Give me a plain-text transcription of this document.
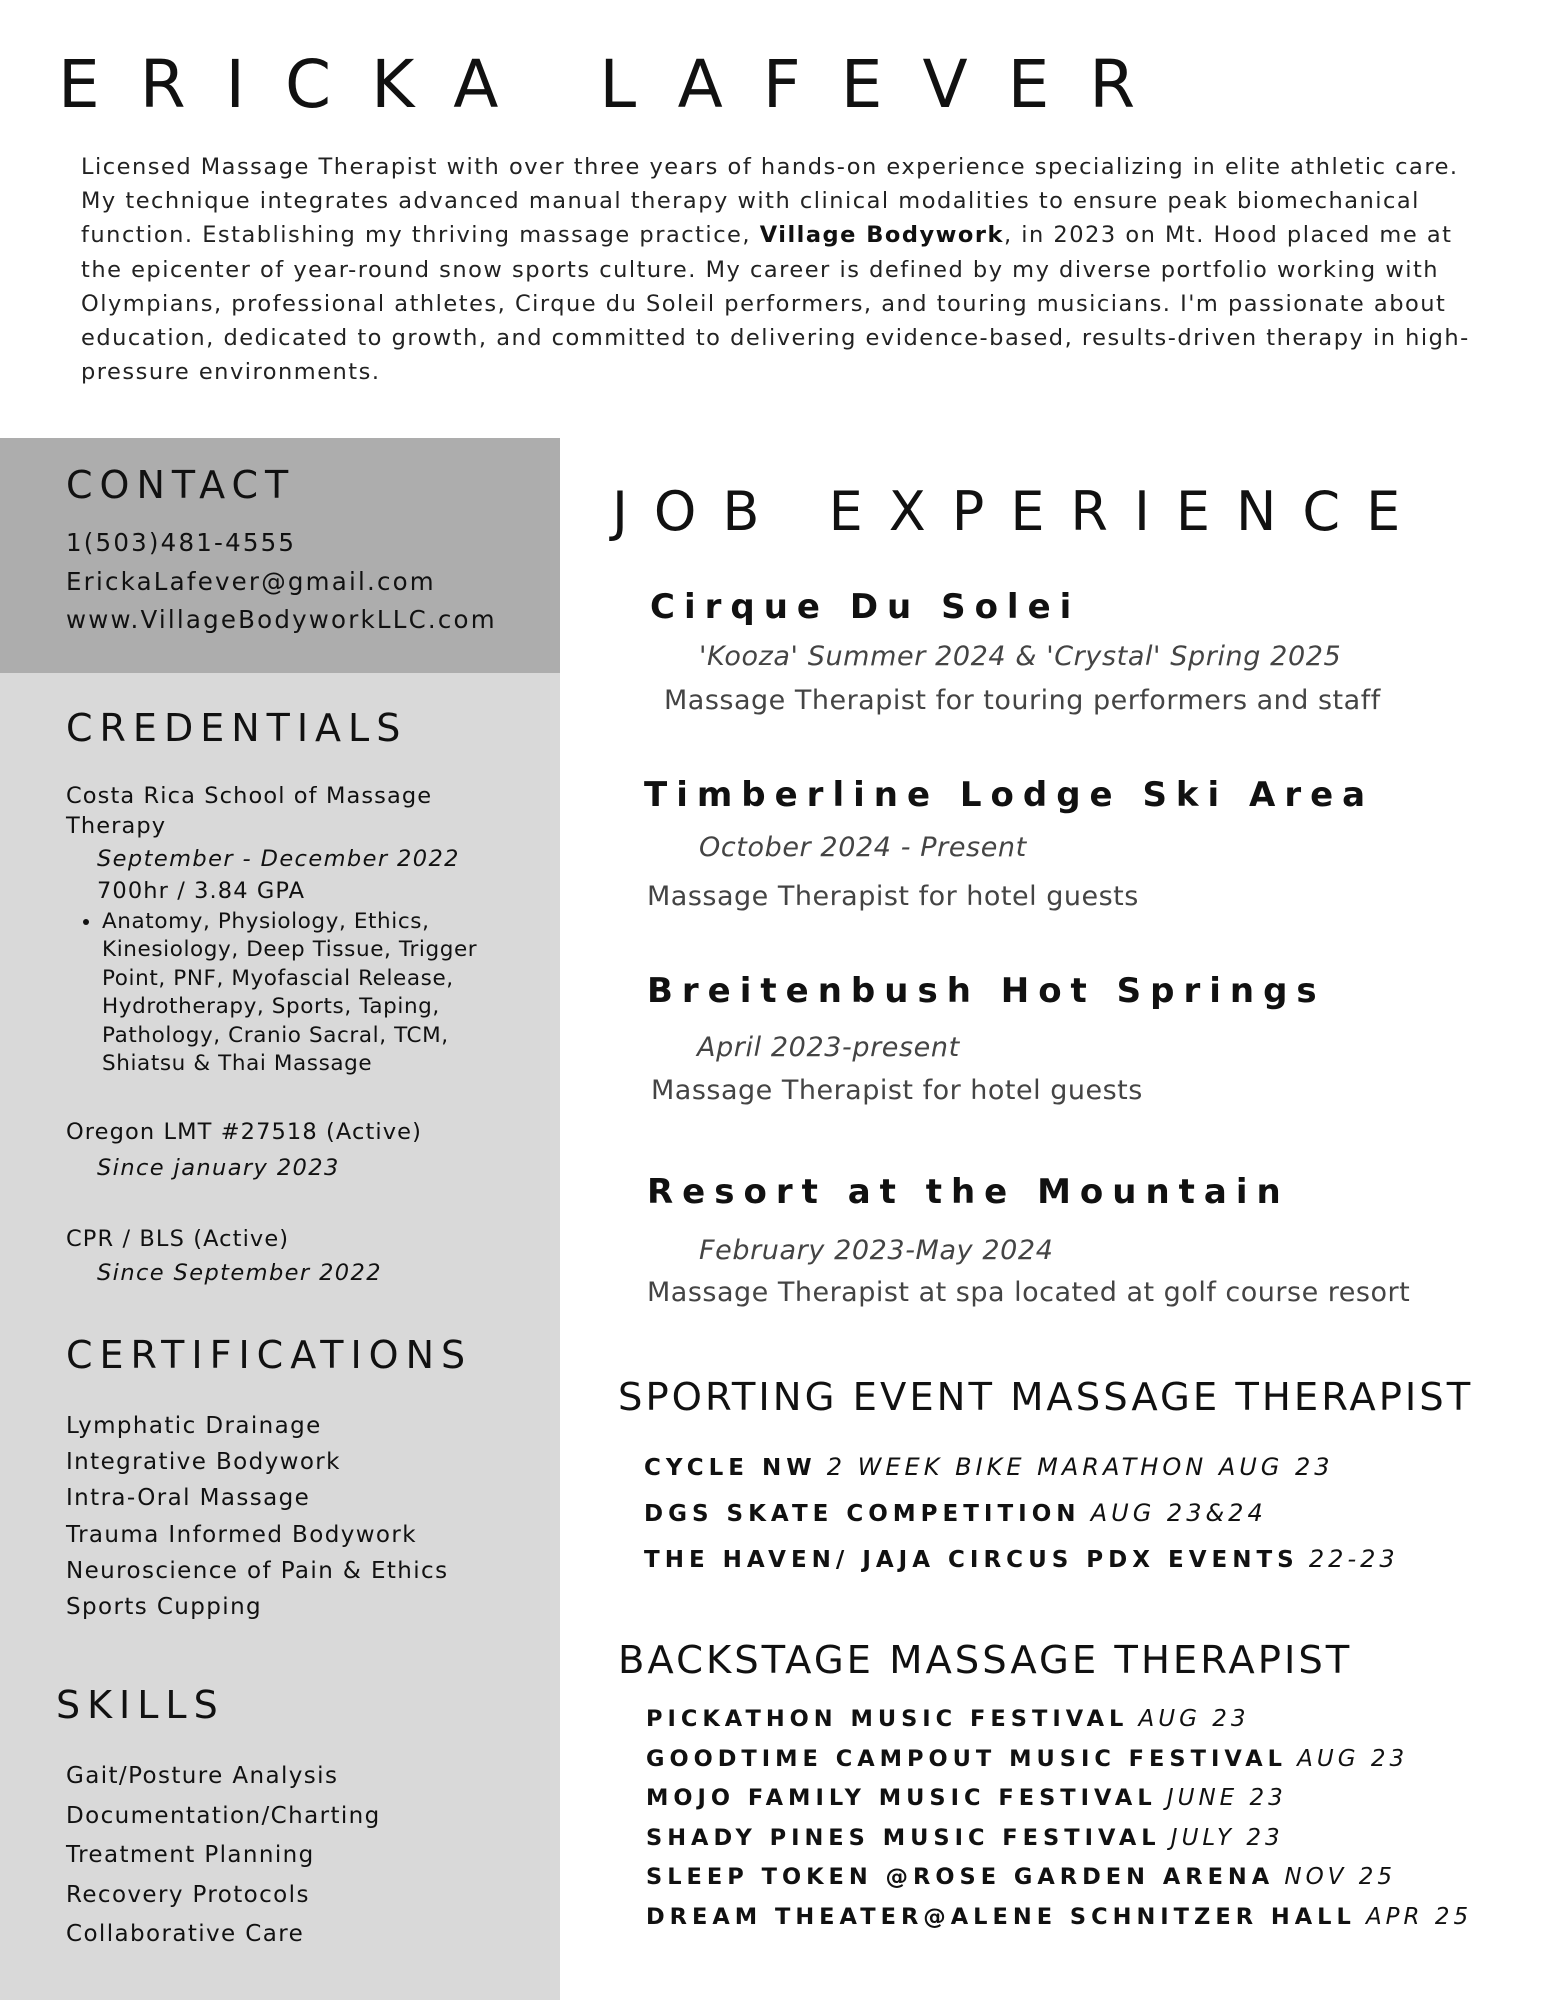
ERICKA LAFEVER

Licensed Massage Therapist with over three years of hands-on experience specializing in elite athletic care. My technique integrates advanced manual therapy with clinical modalities to ensure peak biomechanical function. Establishing my thriving massage practice, Village Bodywork, in 2023 on Mt. Hood placed me at the epicenter of year-round snow sports culture. My career is defined by my diverse portfolio working with Olympians, professional athletes, Cirque du Soleil performers, and touring musicians. I'm passionate about education, dedicated to growth, and committed to delivering evidence-based, results-driven therapy in high-pressure environments.

CONTACT
1(503)481-4555
ErickaLafever@gmail.com
www.VillageBodyworkLLC.com
CREDENTIALS
Costa Rica School of Massage
Therapy
September - December 2022
700hr / 3.84 GPA
• Anatomy, Physiology, Ethics, Kinesiology, Deep Tissue, Trigger Point, PNF, Myofascial Release, Hydrotherapy, Sports, Taping, Pathology, Cranio Sacral, TCM, Shiatsu & Thai Massage
Oregon LMT #27518 (Active)
Since january 2023
CPR / BLS (Active)
Since September 2022
CERTIFICATIONS
Lymphatic Drainage
Integrative Bodywork
Intra-Oral Massage
Trauma Informed Bodywork
Neuroscience of Pain & Ethics
Sports Cupping
SKILLS
Gait/Posture Analysis
Documentation/Charting
Treatment Planning
Recovery Protocols
Collaborative Care
JOB EXPERIENCE
Cirque Du Solei
'Kooza' Summer 2024 & 'Crystal' Spring 2025
Massage Therapist for touring performers and staff
Timberline Lodge Ski Area
October 2024 - Present
Massage Therapist for hotel guests
Breitenbush Hot Springs
April 2023-present
Massage Therapist for hotel guests
Resort at the Mountain
February 2023-May 2024
Massage Therapist at spa located at golf course resort
SPORTING EVENT MASSAGE THERAPIST
CYCLE NW 2 WEEK BIKE MARATHON AUG 23
DGS SKATE COMPETITION AUG 23&24
THE HAVEN/ JAJA CIRCUS PDX EVENTS 22-23
BACKSTAGE MASSAGE THERAPIST
PICKATHON MUSIC FESTIVAL AUG 23
GOODTIME CAMPOUT MUSIC FESTIVAL AUG 23
MOJO FAMILY MUSIC FESTIVAL JUNE 23
SHADY PINES MUSIC FESTIVAL JULY 23
SLEEP TOKEN @ROSE GARDEN ARENA NOV 25
DREAM THEATER@ALENE SCHNITZER HALL APR 25
